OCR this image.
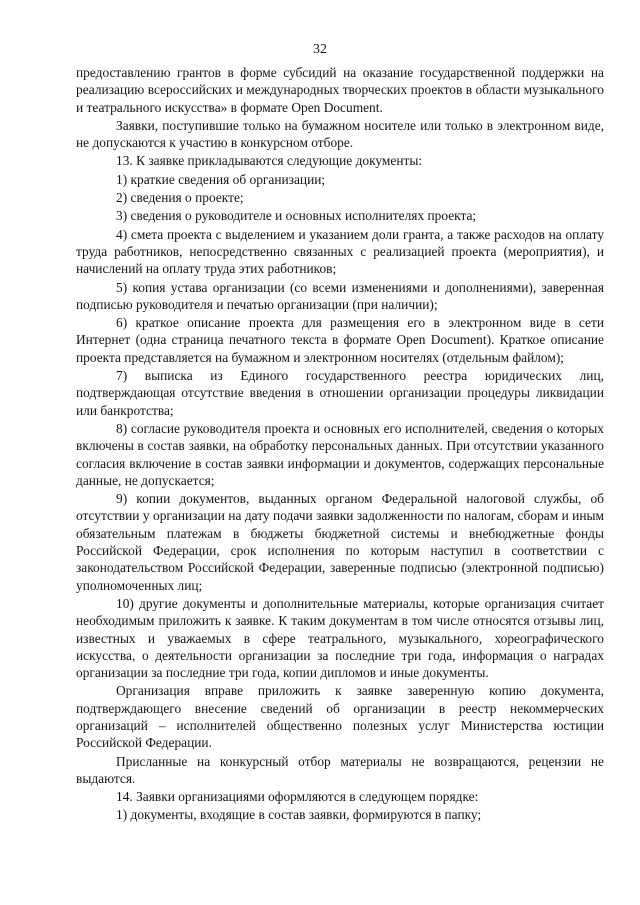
32

предоставлению грантов в форме субсидий на оказание государственной поддержки на реализацию всероссийских и международных творческих проектов в области музыкального и театрального искусства» в формате Open Document.

Заявки, поступившие только на бумажном носителе или только в электронном виде, не допускаются к участию в конкурсном отборе.

13. К заявке прикладываются следующие документы:

1) краткие сведения об организации;

2) сведения о проекте;

3) сведения о руководителе и основных исполнителях проекта;

4) смета проекта с выделением и указанием доли гранта, а также расходов на оплату труда работников, непосредственно связанных с реализацией проекта (мероприятия), и начислений на оплату труда этих работников;

5) копия устава организации (со всеми изменениями и дополнениями), заверенная подписью руководителя и печатью организации (при наличии);

6) краткое описание проекта для размещения его в электронном виде в сети Интернет (одна страница печатного текста в формате Open Document). Краткое описание проекта представляется на бумажном и электронном носителях (отдельным файлом);

7) выписка из Единого государственного реестра юридических лиц, подтверждающая отсутствие введения в отношении организации процедуры ликвидации или банкротства;

8) согласие руководителя проекта и основных его исполнителей, сведения о которых включены в состав заявки, на обработку персональных данных. При отсутствии указанного согласия включение в состав заявки информации и документов, содержащих персональные данные, не допускается;

9) копии документов, выданных органом Федеральной налоговой службы, об отсутствии у организации на дату подачи заявки задолженности по налогам, сборам и иным обязательным платежам в бюджеты бюджетной системы и внебюджетные фонды Российской Федерации, срок исполнения по которым наступил в соответствии с законодательством Российской Федерации, заверенные подписью (электронной подписью) уполномоченных лиц;

10) другие документы и дополнительные материалы, которые организация считает необходимым приложить к заявке. К таким документам в том числе относятся отзывы лиц, известных и уважаемых в сфере театрального, музыкального, хореографического искусства, о деятельности организации за последние три года, информация о наградах организации за последние три года, копии дипломов и иные документы.

Организация вправе приложить к заявке заверенную копию документа, подтверждающего внесение сведений об организации в реестр некоммерческих организаций – исполнителей общественно полезных услуг Министерства юстиции Российской Федерации.

Присланные на конкурсный отбор материалы не возвращаются, рецензии не выдаются.

14. Заявки организациями оформляются в следующем порядке:

1) документы, входящие в состав заявки, формируются в папку;
